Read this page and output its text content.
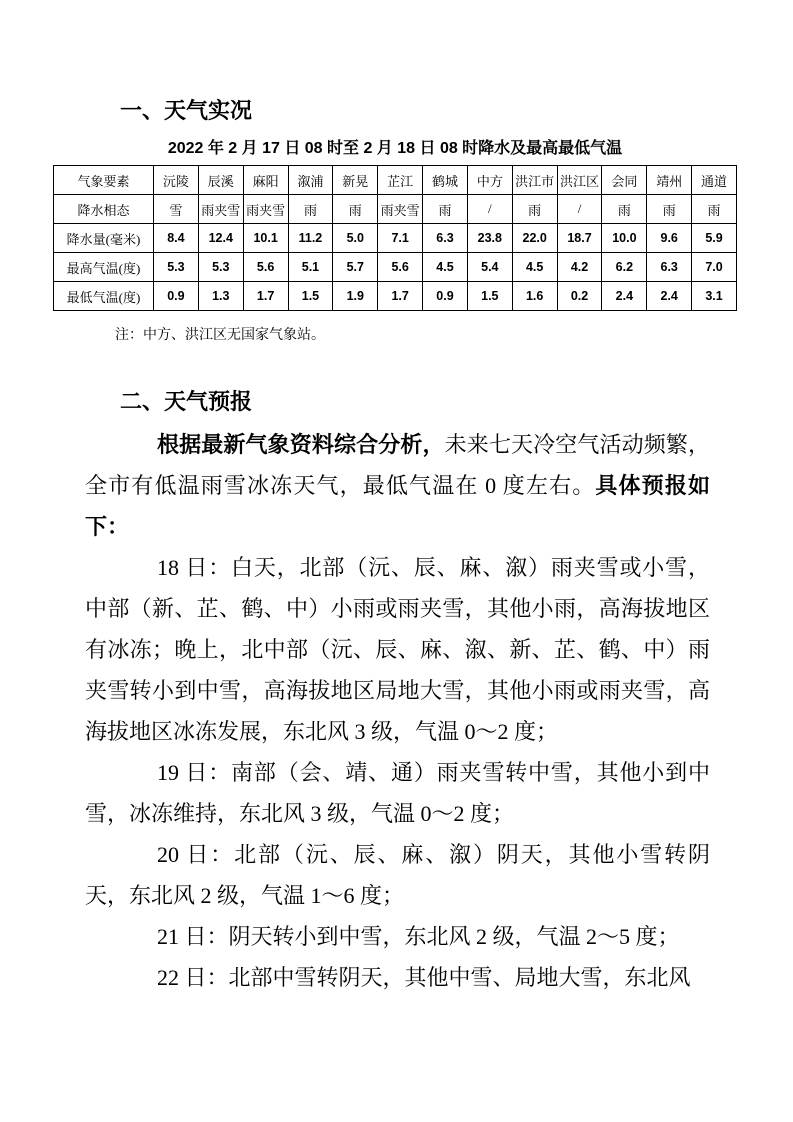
一、天气实况
2022 年 2 月 17 日 08 时至 2 月 18 日 08 时降水及最高最低气温
气象要素	沅陵	辰溪	麻阳	溆浦	新晃	芷江	鹤城	中方	洪江市	洪江区	会同	靖州	通道
降水相态	雪	雨夹雪	雨夹雪	雨	雨	雨夹雪	雨	/	雨	/	雨	雨	雨
降水量(毫米)	8.4	12.4	10.1	11.2	5.0	7.1	6.3	23.8	22.0	18.7	10.0	9.6	5.9
最高气温(度)	5.3	5.3	5.6	5.1	5.7	5.6	4.5	5.4	4.5	4.2	6.2	6.3	7.0
最低气温(度)	0.9	1.3	1.7	1.5	1.9	1.7	0.9	1.5	1.6	0.2	2.4	2.4	3.1
注：中方、洪江区无国家气象站。
二、天气预报

根据最新气象资料综合分析，未来七天冷空气活动频繁，全市有低温雨雪冰冻天气，最低气温在 0 度左右。具体预报如下：

18 日：白天，北部（沅、辰、麻、溆）雨夹雪或小雪，中部（新、芷、鹤、中）小雨或雨夹雪，其他小雨，高海拔地区有冰冻；晚上，北中部（沅、辰、麻、溆、新、芷、鹤、中）雨夹雪转小到中雪，高海拔地区局地大雪，其他小雨或雨夹雪，高海拔地区冰冻发展，东北风 3 级，气温 0～2 度；

19 日：南部（会、靖、通）雨夹雪转中雪，其他小到中雪，冰冻维持，东北风 3 级，气温 0～2 度；

20 日：北部（沅、辰、麻、溆）阴天，其他小雪转阴天，东北风 2 级，气温 1～6 度；

21 日：阴天转小到中雪，东北风 2 级，气温 2～5 度；

22 日：北部中雪转阴天，其他中雪、局地大雪，东北风
